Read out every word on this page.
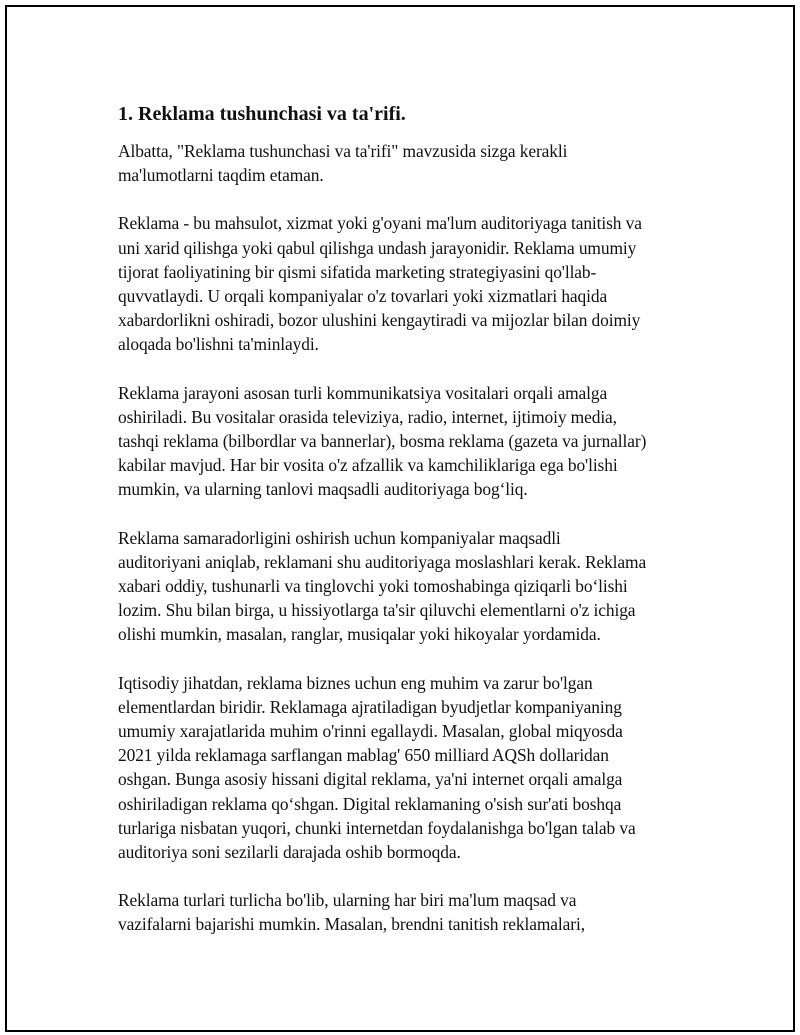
1. Reklama tushunchasi va ta'rifi.

Albatta, "Reklama tushunchasi va ta'rifi" mavzusida sizga kerakli
ma'lumotlarni taqdim etaman.

Reklama - bu mahsulot, xizmat yoki g'oyani ma'lum auditoriyaga tanitish va
uni xarid qilishga yoki qabul qilishga undash jarayonidir. Reklama umumiy
tijorat faoliyatining bir qismi sifatida marketing strategiyasini qo'llab-
quvvatlaydi. U orqali kompaniyalar o'z tovarlari yoki xizmatlari haqida
xabardorlikni oshiradi, bozor ulushini kengaytiradi va mijozlar bilan doimiy
aloqada bo'lishni ta'minlaydi.

Reklama jarayoni asosan turli kommunikatsiya vositalari orqali amalga
oshiriladi. Bu vositalar orasida televiziya, radio, internet, ijtimoiy media,
tashqi reklama (bilbordlar va bannerlar), bosma reklama (gazeta va jurnallar)
kabilar mavjud. Har bir vosita o'z afzallik va kamchiliklariga ega bo'lishi
mumkin, va ularning tanlovi maqsadli auditoriyaga bog‘liq.

Reklama samaradorligini oshirish uchun kompaniyalar maqsadli
auditoriyani aniqlab, reklamani shu auditoriyaga moslashlari kerak. Reklama
xabari oddiy, tushunarli va tinglovchi yoki tomoshabinga qiziqarli bo‘lishi
lozim. Shu bilan birga, u hissiyotlarga ta'sir qiluvchi elementlarni o'z ichiga
olishi mumkin, masalan, ranglar, musiqalar yoki hikoyalar yordamida.

Iqtisodiy jihatdan, reklama biznes uchun eng muhim va zarur bo'lgan
elementlardan biridir. Reklamaga ajratiladigan byudjetlar kompaniyaning
umumiy xarajatlarida muhim o'rinni egallaydi. Masalan, global miqyosda
2021 yilda reklamaga sarflangan mablag' 650 milliard AQSh dollaridan
oshgan. Bunga asosiy hissani digital reklama, ya'ni internet orqali amalga
oshiriladigan reklama qo‘shgan. Digital reklamaning o'sish sur'ati boshqa
turlariga nisbatan yuqori, chunki internetdan foydalanishga bo'lgan talab va
auditoriya soni sezilarli darajada oshib bormoqda.

Reklama turlari turlicha bo'lib, ularning har biri ma'lum maqsad va
vazifalarni bajarishi mumkin. Masalan, brendni tanitish reklamalari,
